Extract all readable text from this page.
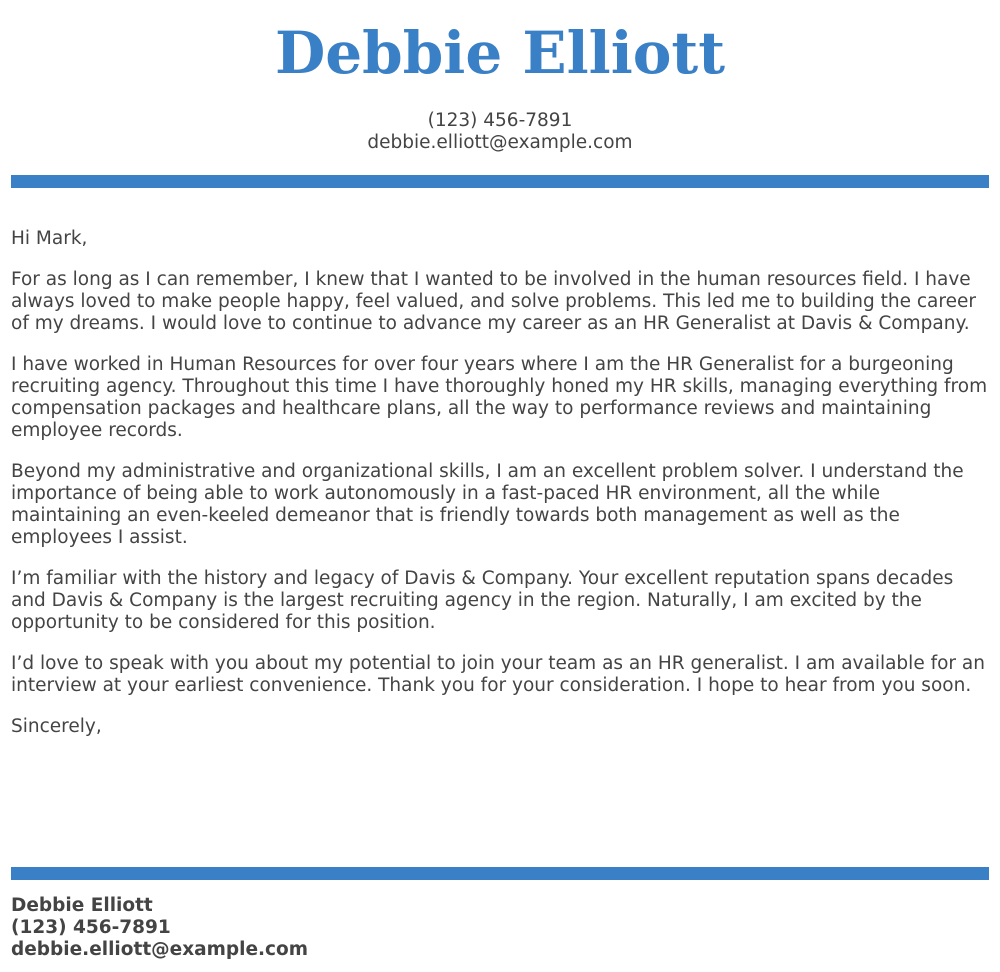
Debbie Elliott
(123) 456-7891
debbie.elliott@example.com

Hi Mark,

For as long as I can remember, I knew that I wanted to be involved in the human resources field. I have always loved to make people happy, feel valued, and solve problems. This led me to building the career of my dreams. I would love to continue to advance my career as an HR Generalist at Davis & Company.

I have worked in Human Resources for over four years where I am the HR Generalist for a burgeoning recruiting agency. Throughout this time I have thoroughly honed my HR skills, managing everything from compensation packages and healthcare plans, all the way to performance reviews and maintaining employee records.

Beyond my administrative and organizational skills, I am an excellent problem solver. I understand the importance of being able to work autonomously in a fast-paced HR environment, all the while maintaining an even-keeled demeanor that is friendly towards both management as well as the employees I assist.

I’m familiar with the history and legacy of Davis & Company. Your excellent reputation spans decades and Davis & Company is the largest recruiting agency in the region. Naturally, I am excited by the opportunity to be considered for this position.

I’d love to speak with you about my potential to join your team as an HR generalist. I am available for an interview at your earliest convenience. Thank you for your consideration. I hope to hear from you soon.

Sincerely,

Debbie Elliott
(123) 456-7891
debbie.elliott@example.com
